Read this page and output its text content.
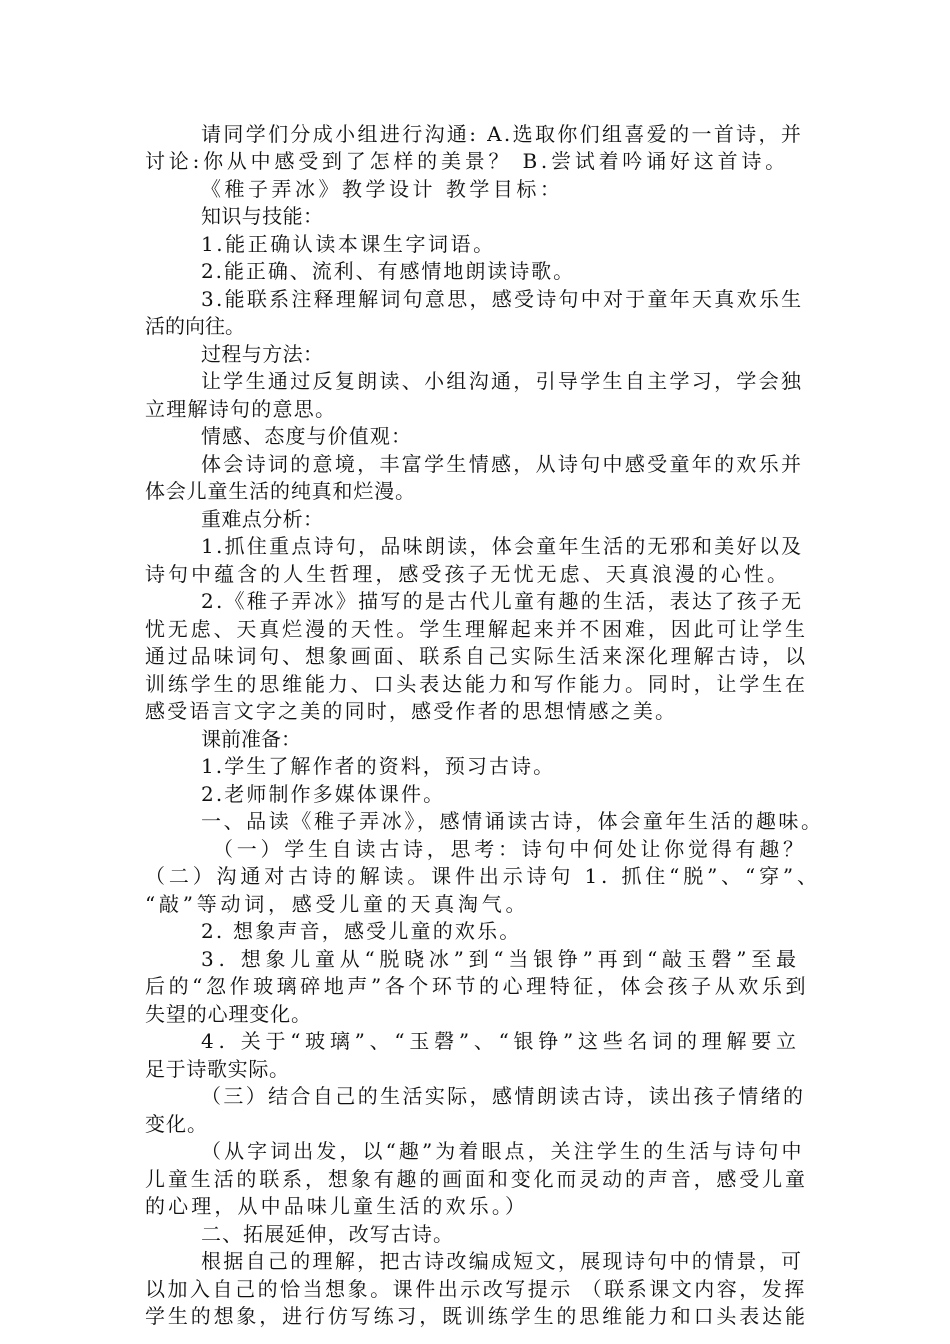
请同学们分成小组进行沟通: A.选取你们组喜爱的一首诗，并
讨论:你从中感受到了怎样的美景？ B.尝试着吟诵好这首诗。
《稚子弄冰》教学设计 教学目标：
知识与技能：
1.能正确认读本课生字词语。
2.能正确、流利、有感情地朗读诗歌。
3.能联系注释理解词句意思，感受诗句中对于童年天真欢乐生
活的向往。
过程与方法：
让学生通过反复朗读、小组沟通，引导学生自主学习，学会独
立理解诗句的意思。
情感、态度与价值观：
体会诗词的意境，丰富学生情感，从诗句中感受童年的欢乐并
体会儿童生活的纯真和烂漫。
重难点分析：
1.抓住重点诗句，品味朗读，体会童年生活的无邪和美好以及
诗句中蕴含的人生哲理，感受孩子无忧无虑、天真浪漫的心性。
2.《稚子弄冰》描写的是古代儿童有趣的生活，表达了孩子无
忧无虑、天真烂漫的天性。学生理解起来并不困难，因此可让学生
通过品味词句、想象画面、联系自己实际生活来深化理解古诗，以
训练学生的思维能力、口头表达能力和写作能力。同时，让学生在
感受语言文字之美的同时，感受作者的思想情感之美。
课前准备：
1.学生了解作者的资料，预习古诗。
2.老师制作多媒体课件。
一、品读《稚子弄冰》，感情诵读古诗，体会童年生活的趣味。
（一）学生自读古诗，思考：诗句中何处让你觉得有趣？
（二）沟通对古诗的解读。课件出示诗句 1. 抓住“脱”、“穿”、
“敲”等动词，感受儿童的天真淘气。
2. 想象声音，感受儿童的欢乐。
3. 想象儿童从“脱晓冰”到“当银铮”再到“敲玉磬”至最
后的“忽作玻璃碎地声”各个环节的心理特征，体会孩子从欢乐到
失望的心理变化。
4. 关于“玻璃”、“玉磬”、“银铮”这些名词的理解要立
足于诗歌实际。
（三）结合自己的生活实际，感情朗读古诗，读出孩子情绪的
变化。
（从字词出发，以“趣”为着眼点，关注学生的生活与诗句中
儿童生活的联系，想象有趣的画面和变化而灵动的声音，感受儿童
的心理，从中品味儿童生活的欢乐。）
二、拓展延伸，改写古诗。
根据自己的理解，把古诗改编成短文，展现诗句中的情景，可
以加入自己的恰当想象。课件出示改写提示 （联系课文内容，发挥
学生的想象，进行仿写练习，既训练学生的思维能力和口头表达能
